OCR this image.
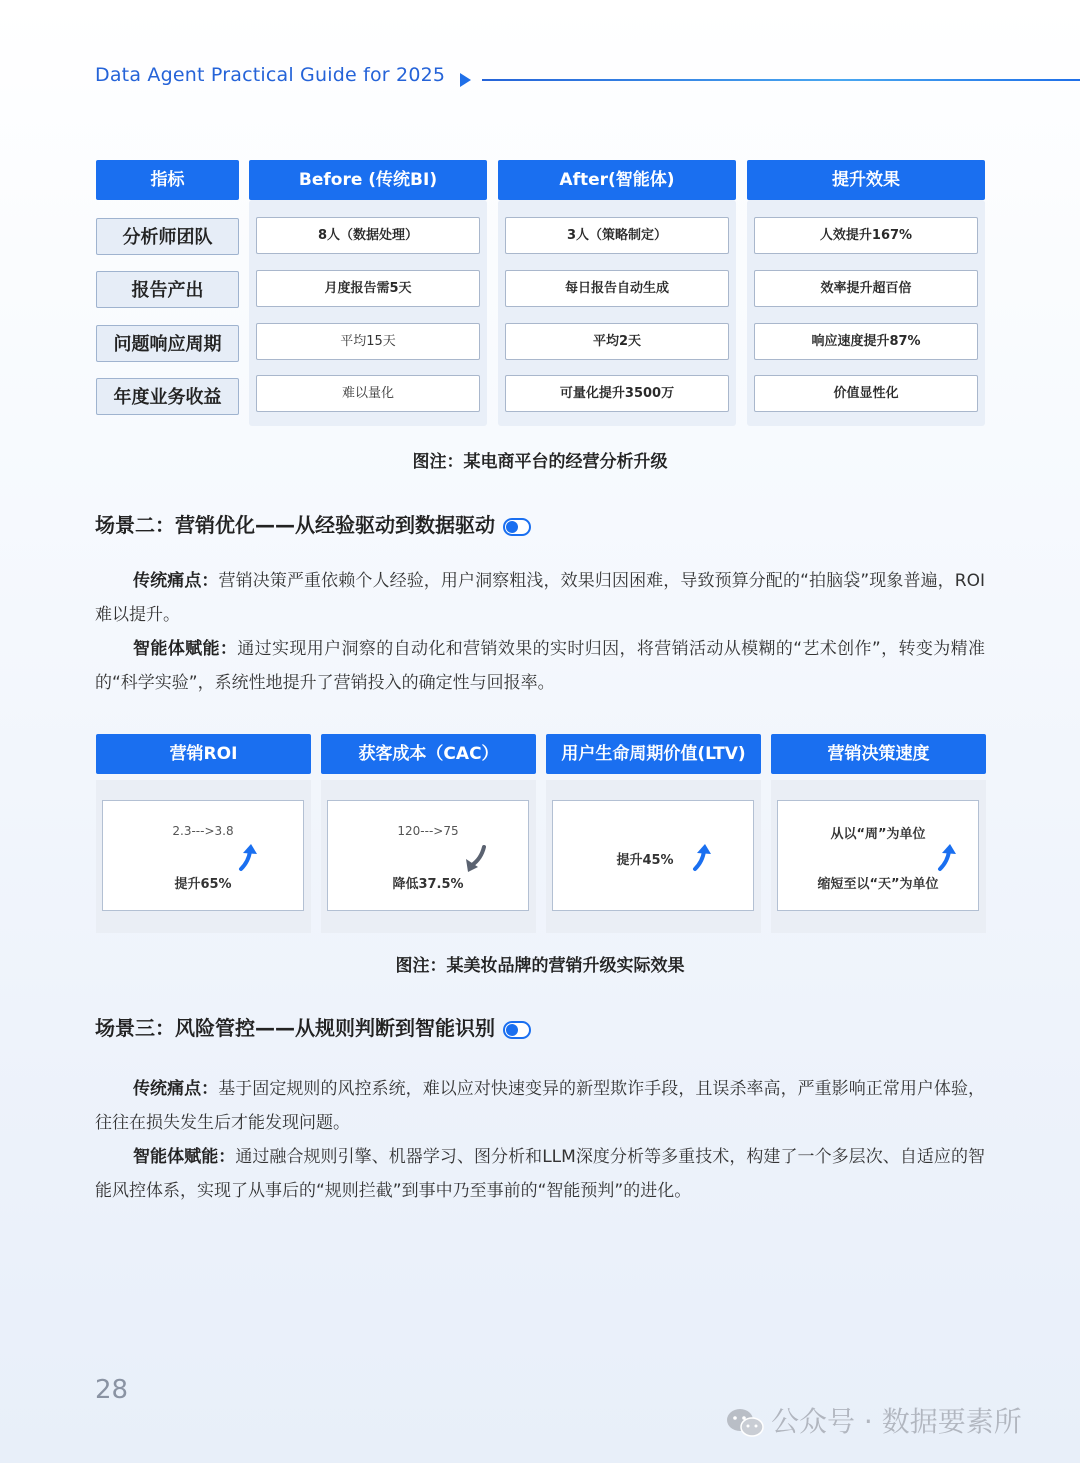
Data Agent Practical Guide for 2025
指标	Before (传统BI)	After(智能体)	提升效果
分析师团队	8人（数据处理）	3人（策略制定）	人效提升167%
报告产出	月度报告需5天	每日报告自动生成	效率提升超百倍
问题响应周期	平均15天	平均2天	响应速度提升87%
年度业务收益	难以量化	可量化提升3500万	价值显性化
图注：某电商平台的经营分析升级
场景二：营销优化——从经验驱动到数据驱动

传统痛点：营销决策严重依赖个人经验，用户洞察粗浅，效果归因困难，导致预算分配的“拍脑袋”现象普遍，ROI难以提升。

智能体赋能：通过实现用户洞察的自动化和营销效果的实时归因，将营销活动从模糊的“艺术创作”，转变为精准的“科学实验”，系统性地提升了营销投入的确定性与回报率。

营销ROI	获客成本（CAC）	用户生命周期价值(LTV)	营销决策速度
2.3--->3.8
提升65%
120--->75
降低37.5%
提升45%
从以“周”为单位
缩短至以“天”为单位
图注：某美妆品牌的营销升级实际效果
场景三：风险管控——从规则判断到智能识别

传统痛点：基于固定规则的风控系统，难以应对快速变异的新型欺诈手段，且误杀率高，严重影响正常用户体验，往往在损失发生后才能发现问题。

智能体赋能：通过融合规则引擎、机器学习、图分析和LLM深度分析等多重技术，构建了一个多层次、自适应的智能风控体系，实现了从事后的“规则拦截”到事中乃至事前的“智能预判”的进化。

28
公众号 · 数据要素所
